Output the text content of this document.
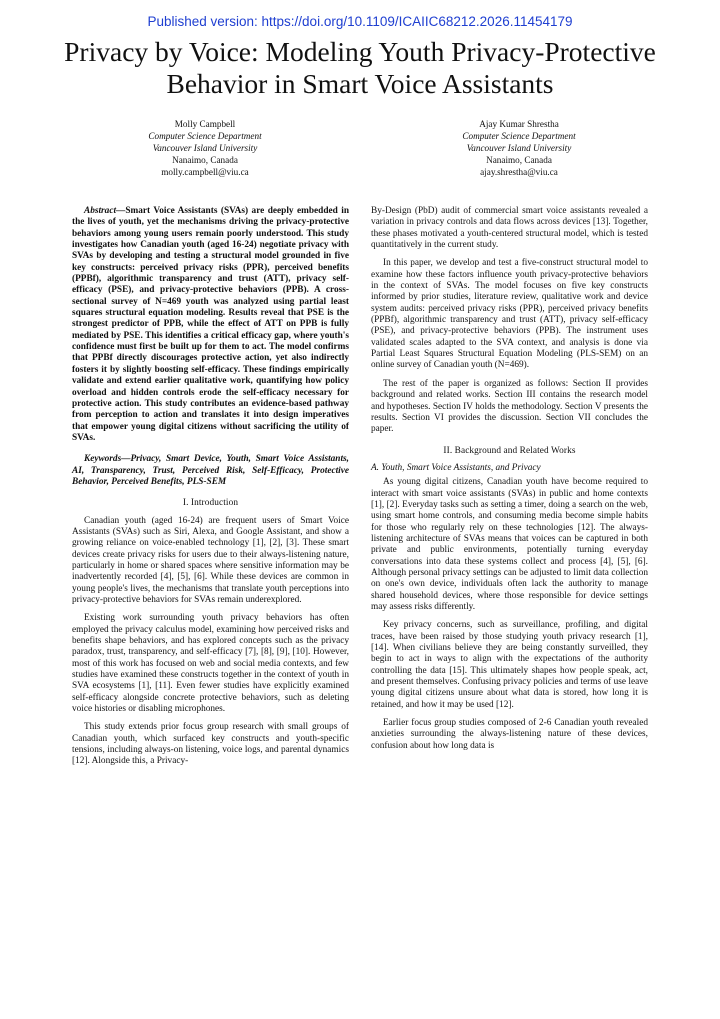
Published version: https://doi.org/10.1109/ICAIIC68212.2026.11454179
Privacy by Voice: Modeling Youth Privacy-Protective Behavior in Smart Voice Assistants
Molly Campbell
Computer Science Department
Vancouver Island University
Nanaimo, Canada
molly.campbell@viu.ca
Ajay Kumar Shrestha
Computer Science Department
Vancouver Island University
Nanaimo, Canada
ajay.shrestha@viu.ca

Abstract—Smart Voice Assistants (SVAs) are deeply embedded in the lives of youth, yet the mechanisms driving the privacy-protective behaviors among young users remain poorly understood. This study investigates how Canadian youth (aged 16-24) negotiate privacy with SVAs by developing and testing a structural model grounded in five key constructs: perceived privacy risks (PPR), perceived benefits (PPBf), algorithmic transparency and trust (ATT), privacy self-efficacy (PSE), and privacy-protective behaviors (PPB). A cross-sectional survey of N=469 youth was analyzed using partial least squares structural equation modeling. Results reveal that PSE is the strongest predictor of PPB, while the effect of ATT on PPB is fully mediated by PSE. This identifies a critical efficacy gap, where youth's confidence must first be built up for them to act. The model confirms that PPBf directly discourages protective action, yet also indirectly fosters it by slightly boosting self-efficacy. These findings empirically validate and extend earlier qualitative work, quantifying how policy overload and hidden controls erode the self-efficacy necessary for protective action. This study contributes an evidence-based pathway from perception to action and translates it into design imperatives that empower young digital citizens without sacrificing the utility of SVAs.

Keywords—Privacy, Smart Device, Youth, Smart Voice Assistants, AI, Transparency, Trust, Perceived Risk, Self-Efficacy, Protective Behavior, Perceived Benefits, PLS-SEM

I. Introduction

Canadian youth (aged 16-24) are frequent users of Smart Voice Assistants (SVAs) such as Siri, Alexa, and Google Assistant, and show a growing reliance on voice-enabled technology [1], [2], [3]. These smart devices create privacy risks for users due to their always-listening nature, particularly in home or shared spaces where sensitive information may be inadvertently recorded [4], [5], [6]. While these devices are common in young people's lives, the mechanisms that translate youth perceptions into privacy-protective behaviors for SVAs remain underexplored.

Existing work surrounding youth privacy behaviors has often employed the privacy calculus model, examining how perceived risks and benefits shape behaviors, and has explored concepts such as the privacy paradox, trust, transparency, and self-efficacy [7], [8], [9], [10]. However, most of this work has focused on web and social media contexts, and few studies have examined these constructs together in the context of youth in SVA ecosystems [1], [11]. Even fewer studies have explicitly examined self-efficacy alongside concrete protective behaviors, such as deleting voice histories or disabling microphones.

This study extends prior focus group research with small groups of Canadian youth, which surfaced key constructs and youth-specific tensions, including always-on listening, voice logs, and parental dynamics [12]. Alongside this, a Privacy-

By-Design (PbD) audit of commercial smart voice assistants revealed a variation in privacy controls and data flows across devices [13]. Together, these phases motivated a youth-centered structural model, which is tested quantitatively in the current study.

In this paper, we develop and test a five-construct structural model to examine how these factors influence youth privacy-protective behaviors in the context of SVAs. The model focuses on five key constructs informed by prior studies, literature review, qualitative work and device system audits: perceived privacy risks (PPR), perceived privacy benefits (PPBf), algorithmic transparency and trust (ATT), privacy self-efficacy (PSE), and privacy-protective behaviors (PPB). The instrument uses validated scales adapted to the SVA context, and analysis is done via Partial Least Squares Structural Equation Modeling (PLS-SEM) on an online survey of Canadian youth (N=469).

The rest of the paper is organized as follows: Section II provides background and related works. Section III contains the research model and hypotheses. Section IV holds the methodology. Section V presents the results. Section VI provides the discussion. Section VII concludes the paper.

II. Background and Related Works
A. Youth, Smart Voice Assistants, and Privacy

As young digital citizens, Canadian youth have become required to interact with smart voice assistants (SVAs) in public and home contexts [1], [2]. Everyday tasks such as setting a timer, doing a search on the web, using smart home controls, and consuming media become simple habits for those who regularly rely on these technologies [12]. The always-listening architecture of SVAs means that voices can be captured in both private and public environments, potentially turning everyday conversations into data these systems collect and process [4], [5], [6]. Although personal privacy settings can be adjusted to limit data collection on one's own device, individuals often lack the authority to manage shared household devices, where those responsible for device settings may assess risks differently.

Key privacy concerns, such as surveillance, profiling, and digital traces, have been raised by those studying youth privacy research [1], [14]. When civilians believe they are being constantly surveilled, they begin to act in ways to align with the expectations of the authority controlling the data [15]. This ultimately shapes how people speak, act, and present themselves. Confusing privacy policies and terms of use leave young digital citizens unsure about what data is stored, how long it is retained, and how it may be used [12].

Earlier focus group studies composed of 2-6 Canadian youth revealed anxieties surrounding the always-listening nature of these devices, confusion about how long data is
